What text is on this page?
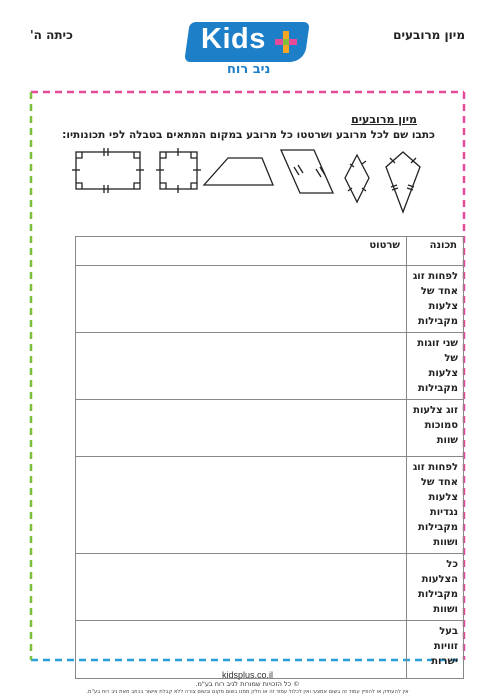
כיתה ה'	מיון מרובעים
Kids
ניב רוח
מיון מרובעים
כתבו שם לכל מרובע ושרטטו כל מרובע במקום המתאים בטבלה לפי תכונותיו:
תכונה	שרטוט
לפחות זוג אחד של צלעות מקבילות	
שני זוגות של צלעות מקבילות	
זוג צלעות סמוכות שוות	
לפחות זוג אחד של צלעות נגדיות מקבילות ושוות	
כל הצלעות מקבילות ושוות	
בעל זוויות ישרות	
kidsplus.co.il
© כל הזכויות שמורות לניב רוח בע"מ.
אין להעתיק או להפיץ עמוד זה בשום אמצעי ואין לכלול עמוד זה או חלק ממנו בשום מקום ובשום צורה ללא קבלת אישור בכתב מאת ניב רוח בע"מ.
